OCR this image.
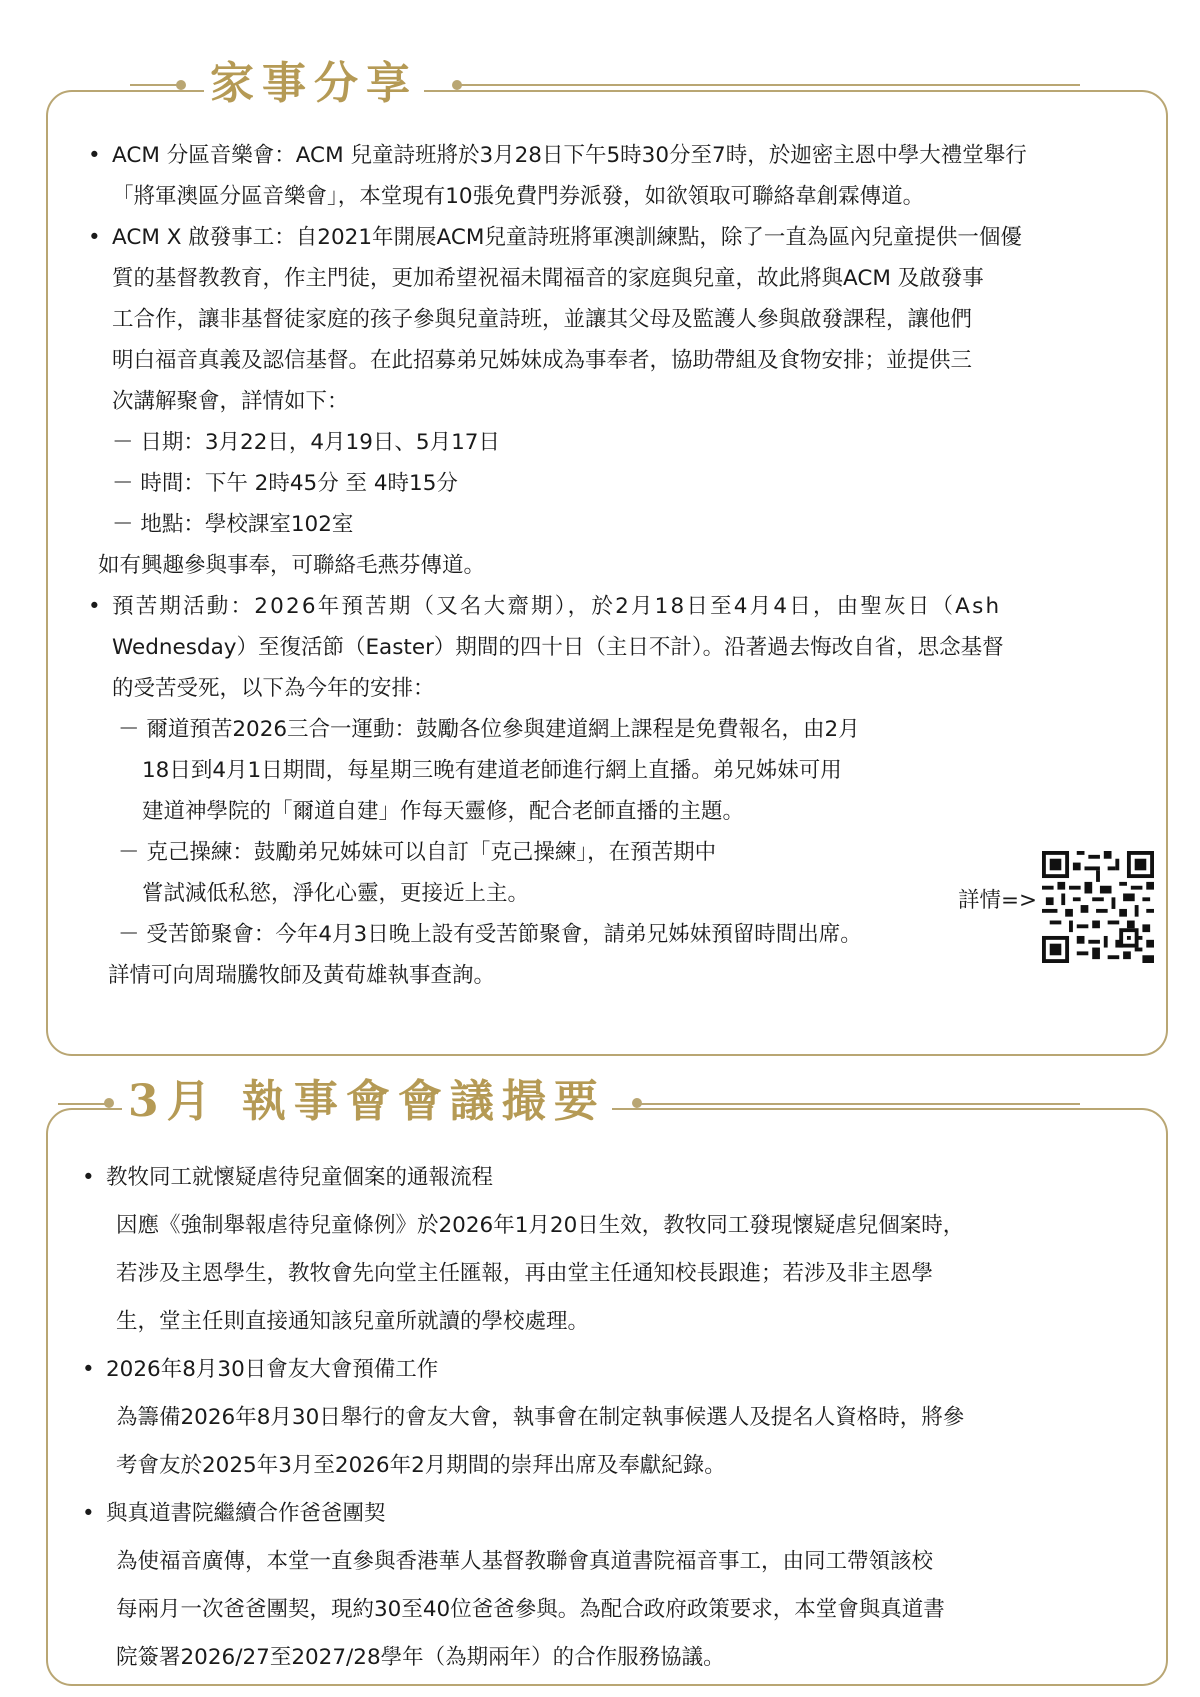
家事分享
• ACM 分區音樂會：ACM 兒童詩班將於3月28日下午5時30分至7時，於迦密主恩中學大禮堂舉行
「將軍澳區分區音樂會」，本堂現有10張免費門券派發，如欲領取可聯絡韋創霖傳道。
• ACM X 啟發事工：自2021年開展ACM兒童詩班將軍澳訓練點，除了一直為區內兒童提供一個優
質的基督教教育，作主門徒，更加希望祝福未聞福音的家庭與兒童，故此將與ACM 及啟發事
工合作，讓非基督徒家庭的孩子參與兒童詩班，並讓其父母及監護人參與啟發課程，讓他們
明白福音真義及認信基督。在此招募弟兄姊妹成為事奉者，協助帶組及食物安排；並提供三
次講解聚會，詳情如下：
－ 日期：3月22日，4月19日、5月17日
－ 時間：下午 2時45分 至 4時15分
－ 地點：學校課室102室
如有興趣參與事奉，可聯絡毛燕芬傳道。
• 預苦期活動：2026年預苦期（又名大齋期），於2月18日至4月4日，由聖灰日（Ash
Wednesday）至復活節（Easter）期間的四十日（主日不計）。沿著過去悔改自省，思念基督
的受苦受死，以下為今年的安排：
－ 爾道預苦2026三合一運動：鼓勵各位參與建道網上課程是免費報名，由2月
18日到4月1日期間，每星期三晚有建道老師進行網上直播。弟兄姊妹可用
建道神學院的「爾道自建」作每天靈修，配合老師直播的主題。
－ 克己操練：鼓勵弟兄姊妹可以自訂「克己操練」，在預苦期中
嘗試減低私慾，淨化心靈，更接近上主。
－ 受苦節聚會：今年4月3日晚上設有受苦節聚會，請弟兄姊妹預留時間出席。
詳情可向周瑞騰牧師及黃荀雄執事查詢。
詳情=>
3月 執事會會議撮要
• 教牧同工就懷疑虐待兒童個案的通報流程
因應《強制舉報虐待兒童條例》於2026年1月20日生效，教牧同工發現懷疑虐兒個案時，
若涉及主恩學生，教牧會先向堂主任匯報，再由堂主任通知校長跟進；若涉及非主恩學
生，堂主任則直接通知該兒童所就讀的學校處理。
• 2026年8月30日會友大會預備工作
為籌備2026年8月30日舉行的會友大會，執事會在制定執事候選人及提名人資格時，將參
考會友於2025年3月至2026年2月期間的崇拜出席及奉獻紀錄。
• 與真道書院繼續合作爸爸團契
為使福音廣傳，本堂一直參與香港華人基督教聯會真道書院福音事工，由同工帶領該校
每兩月一次爸爸團契，現約30至40位爸爸參與。為配合政府政策要求，本堂會與真道書
院簽署2026/27至2027/28學年（為期兩年）的合作服務協議。
